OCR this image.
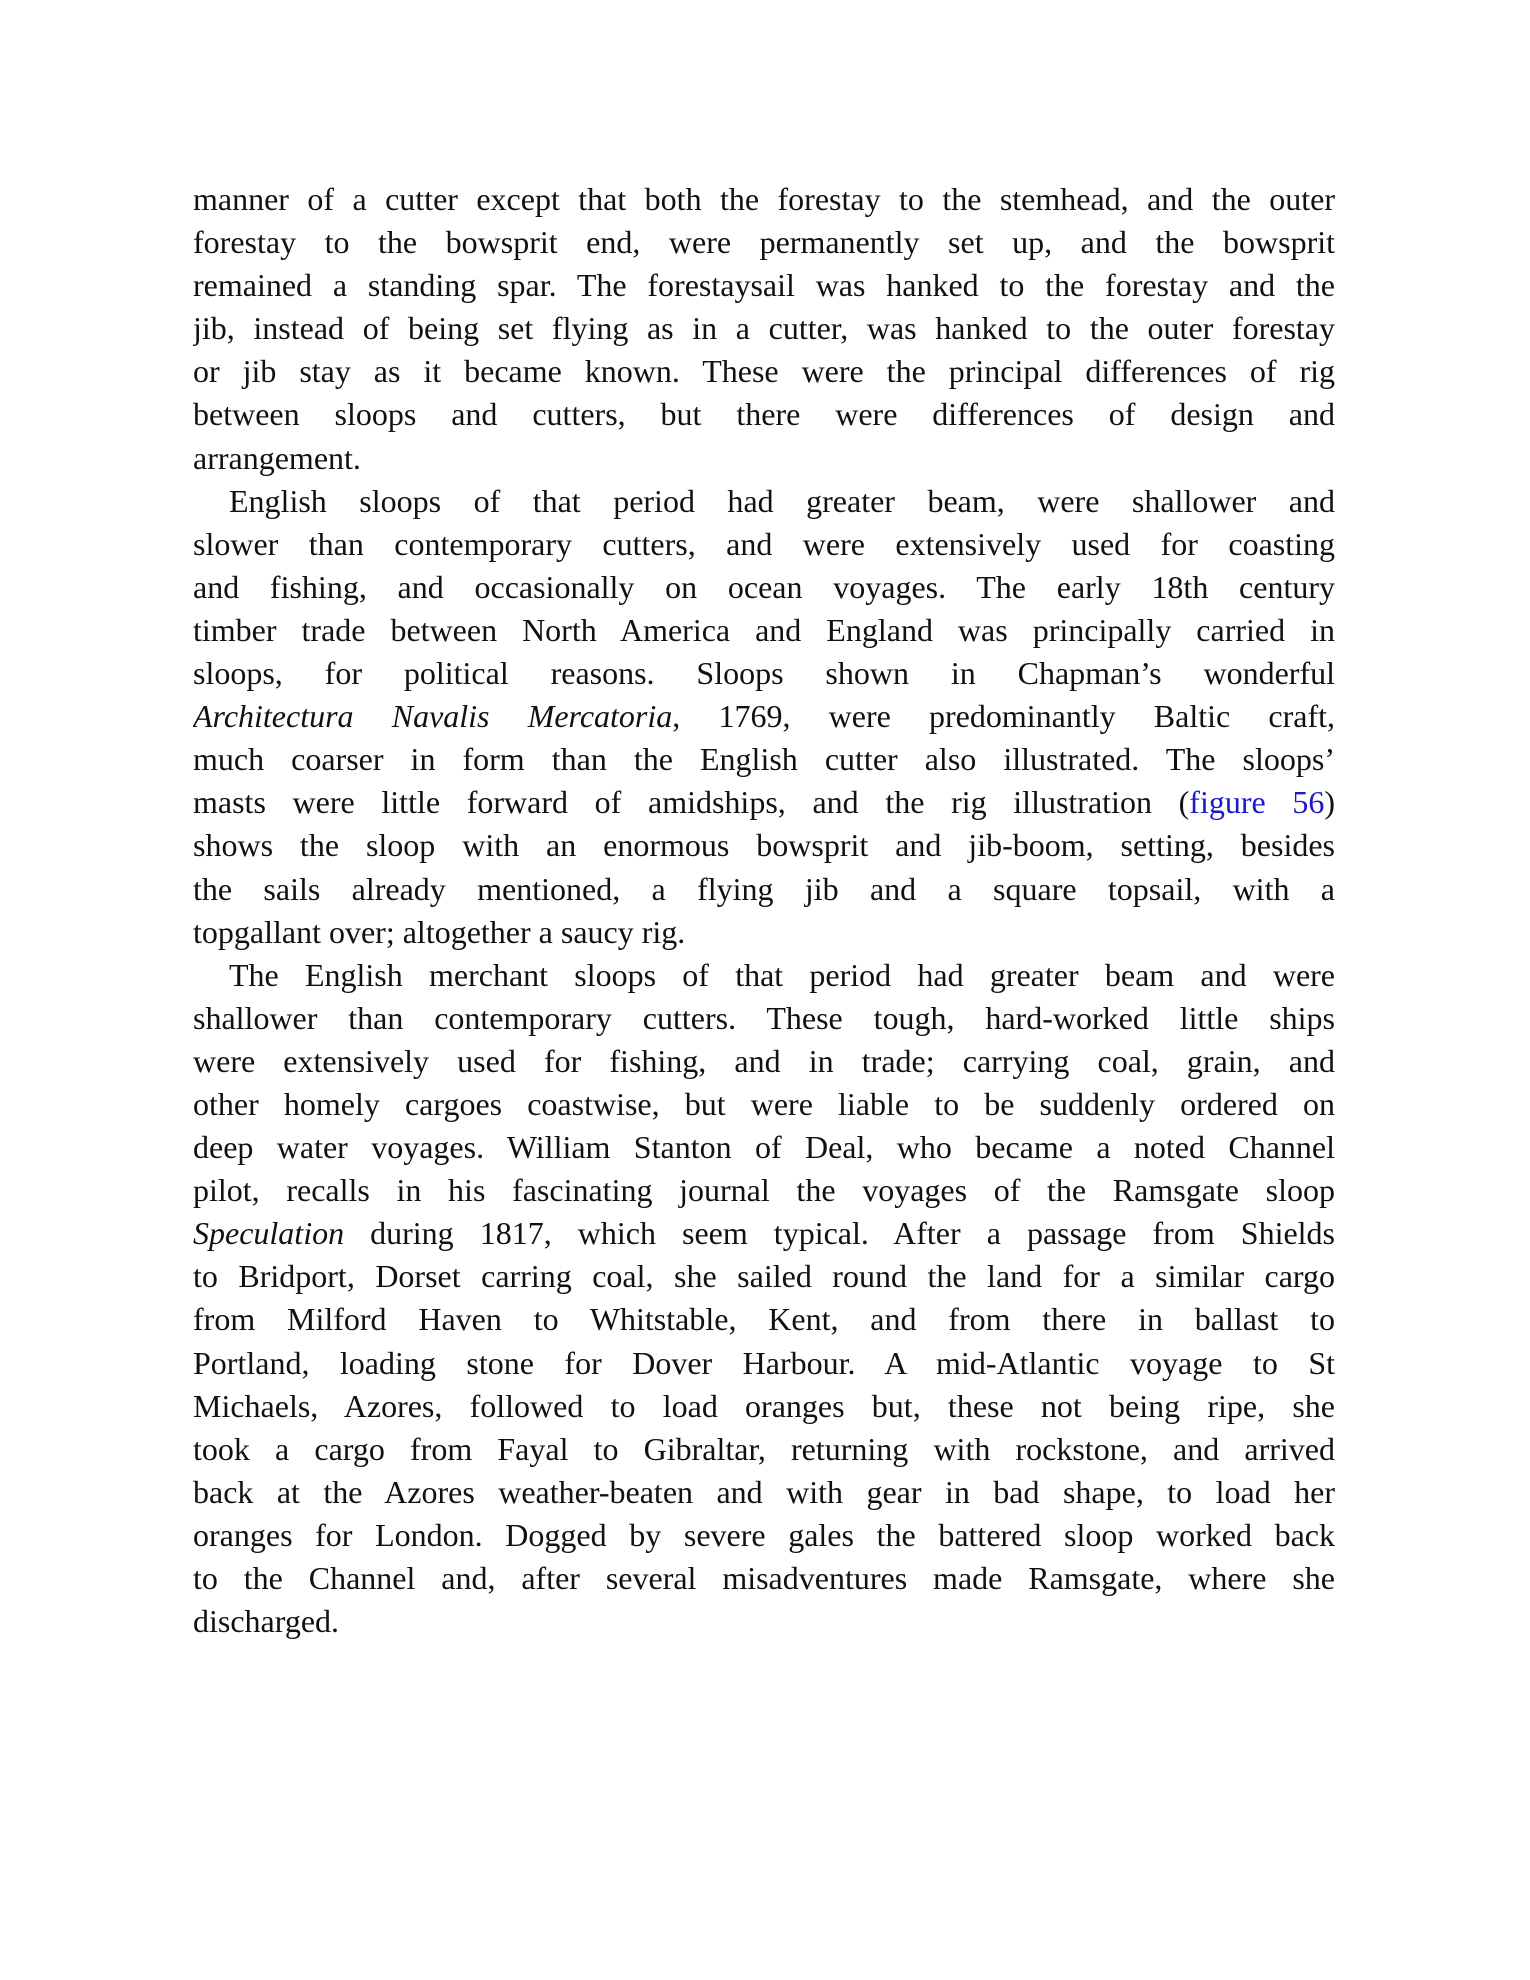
manner of a cutter except that both the forestay to the stemhead, and the outer
forestay to the bowsprit end, were permanently set up, and the bowsprit
remained a standing spar. The forestaysail was hanked to the forestay and the
jib, instead of being set flying as in a cutter, was hanked to the outer forestay
or jib stay as it became known. These were the principal differences of rig
between sloops and cutters, but there were differences of design and
arrangement.
English sloops of that period had greater beam, were shallower and
slower than contemporary cutters, and were extensively used for coasting
and fishing, and occasionally on ocean voyages. The early 18th century
timber trade between North America and England was principally carried in
sloops, for political reasons. Sloops shown in Chapman’s wonderful
Architectura Navalis Mercatoria, 1769, were predominantly Baltic craft,
much coarser in form than the English cutter also illustrated. The sloops’
masts were little forward of amidships, and the rig illustration (figure 56)
shows the sloop with an enormous bowsprit and jib-boom, setting, besides
the sails already mentioned, a flying jib and a square topsail, with a
topgallant over; altogether a saucy rig.
The English merchant sloops of that period had greater beam and were
shallower than contemporary cutters. These tough, hard-worked little ships
were extensively used for fishing, and in trade; carrying coal, grain, and
other homely cargoes coastwise, but were liable to be suddenly ordered on
deep water voyages. William Stanton of Deal, who became a noted Channel
pilot, recalls in his fascinating journal the voyages of the Ramsgate sloop
Speculation during 1817, which seem typical. After a passage from Shields
to Bridport, Dorset carring coal, she sailed round the land for a similar cargo
from Milford Haven to Whitstable, Kent, and from there in ballast to
Portland, loading stone for Dover Harbour. A mid-Atlantic voyage to St
Michaels, Azores, followed to load oranges but, these not being ripe, she
took a cargo from Fayal to Gibraltar, returning with rockstone, and arrived
back at the Azores weather-beaten and with gear in bad shape, to load her
oranges for London. Dogged by severe gales the battered sloop worked back
to the Channel and, after several misadventures made Ramsgate, where she
discharged.
